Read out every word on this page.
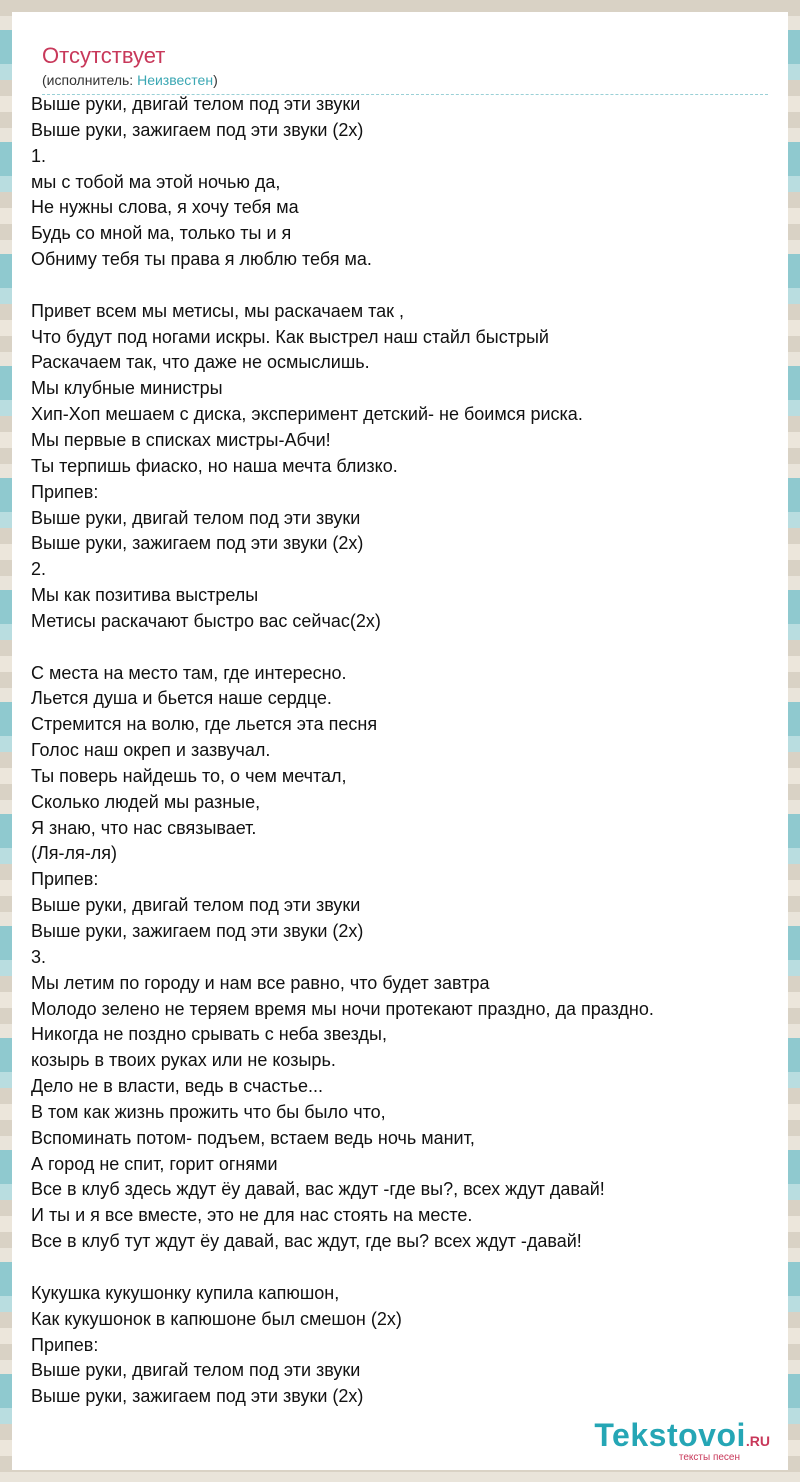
Отсутствует
(исполнитель: Неизвестен)
Выше руки, двигай телом под эти звуки
Выше руки, зажигаем под эти звуки (2х)
1.
мы с тобой ма этой ночью да,
Не нужны слова, я хочу тебя ма
Будь со мной ма, только ты и я
Обниму тебя ты права я люблю тебя ма.
Привет всем мы метисы, мы раскачаем так ,
Что будут под ногами искры. Как выстрел наш стайл быстрый
Раскачаем так, что даже не осмыслишь.
Мы клубные министры
Хип-Хоп мешаем с диска, эксперимент детский- не боимся риска.
Мы первые в списках мистры-Абчи!
Ты терпишь фиаско, но наша мечта близко.
Припев:
Выше руки, двигай телом под эти звуки
Выше руки, зажигаем под эти звуки (2х)
2.
Мы как позитива выстрелы
Метисы раскачают быстро вас сейчас(2х)
С места на место там, где интересно.
Льется душа и бьется наше сердце.
Стремится на волю, где льется эта песня
Голос наш окреп и зазвучал.
Ты поверь найдешь то, о чем мечтал,
Сколько людей мы разные,
Я знаю, что нас связывает.
(Ля-ля-ля)
Припев:
Выше руки, двигай телом под эти звуки
Выше руки, зажигаем под эти звуки (2х)
3.
Мы летим по городу и нам все равно, что будет завтра
Молодо зелено не теряем время мы ночи протекают праздно, да праздно.
Никогда не поздно срывать с неба звезды,
козырь в твоих руках или не козырь.
Дело не в власти, ведь в счастье...
В том как жизнь прожить что бы было что,
Вспоминать потом- подъем, встаем ведь ночь манит,
А город не спит, горит огнями
Все в клуб здесь ждут ёу давай, вас ждут -где вы?, всех ждут давай!
И ты и я все вместе, это не для нас стоять на месте.
Все в клуб тут ждут ёу давай, вас ждут, где вы? всех ждут -давай!
Кукушка кукушонку купила капюшон,
Как кукушонок в капюшоне был смешон (2х)
Припев:
Выше руки, двигай телом под эти звуки
Выше руки, зажигаем под эти звуки (2х)
Tekstovoi.RU
тексты песен
